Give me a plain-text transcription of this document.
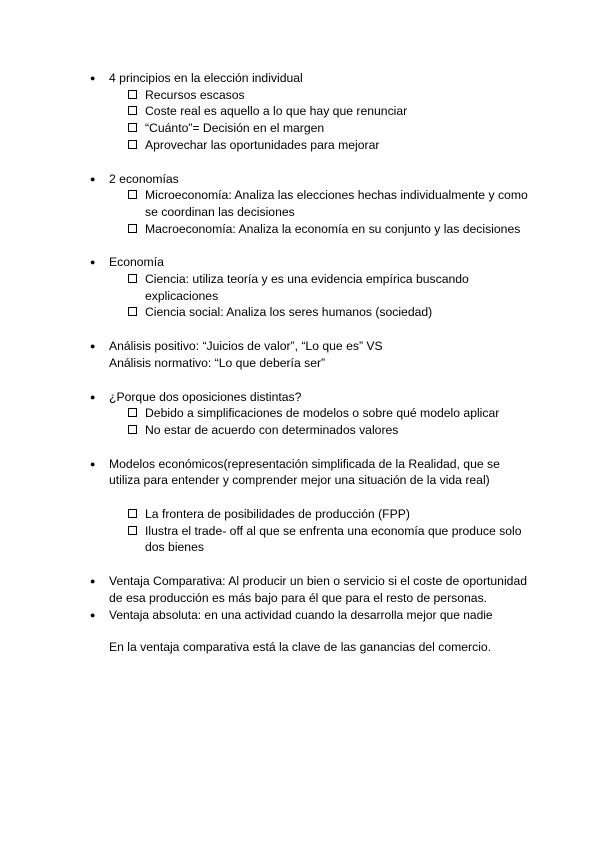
●	4 principios en la elección individual
Recursos escasos
Coste real es aquello a lo que hay que renunciar
“Cuánto”= Decisión en el margen
Aprovechar las oportunidades para mejorar
●	2 economías
Microeconomía: Analiza las elecciones hechas individualmente y como se coordinan las decisiones
Macroeconomía: Analiza la economía en su conjunto y las decisiones
●	Economía
Ciencia: utiliza teoría y es una evidencia empírica buscando explicaciones
Ciencia social: Analiza los seres humanos (sociedad)
●	Análisis positivo: “Juicios de valor”, “Lo que es” VS
Análisis normativo: “Lo que debería ser”
●	¿Porque dos oposiciones distintas?
Debido a simplificaciones de modelos o sobre qué modelo aplicar
No estar de acuerdo con determinados valores
●	Modelos económicos(representación simplificada de la Realidad, que se utiliza para entender y comprender mejor una situación de la vida real)
La frontera de posibilidades de producción (FPP)
Ilustra el trade- off al que se enfrenta una economía que produce solo dos bienes
●	Ventaja Comparativa: Al producir un bien o servicio si el coste de oportunidad de esa producción es más bajo para él que para el resto de personas.
●	Ventaja absoluta: en una actividad cuando la desarrolla mejor que nadie
En la ventaja comparativa está la clave de las ganancias del comercio.
